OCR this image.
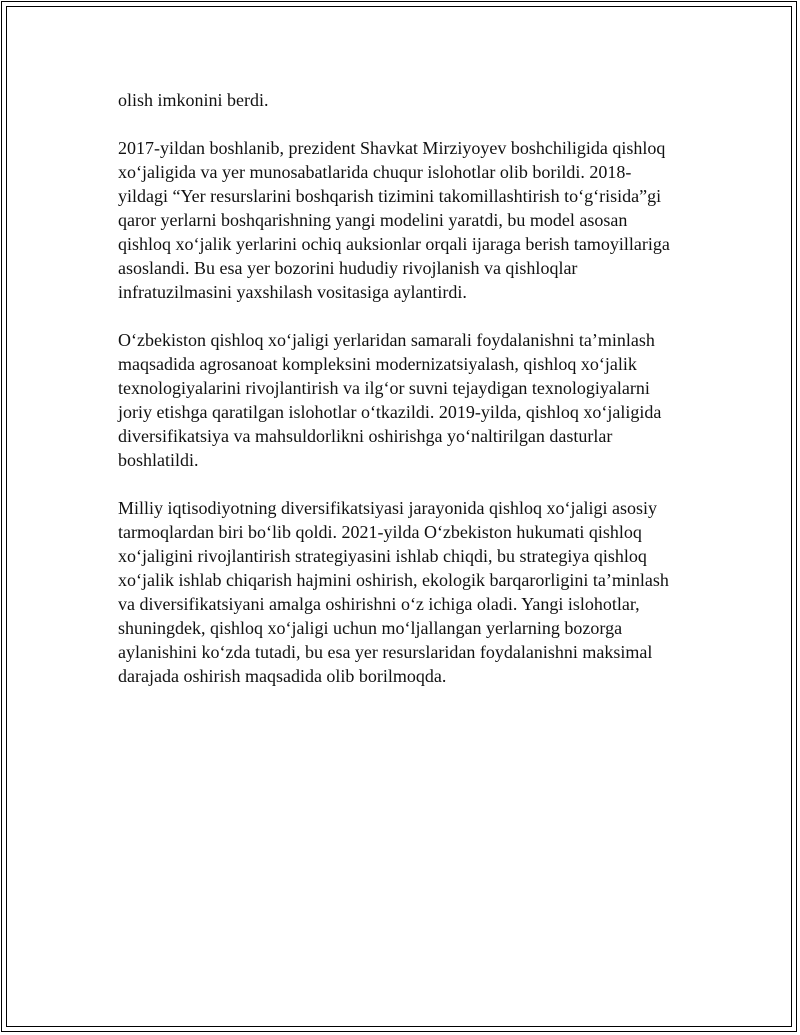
olish imkonini berdi.

2017-yildan boshlanib, prezident Shavkat Mirziyoyev boshchiligida qishloq
xo‘jaligida va yer munosabatlarida chuqur islohotlar olib borildi. 2018-
yildagi “Yer resurslarini boshqarish tizimini takomillashtirish to‘g‘risida”gi
qaror yerlarni boshqarishning yangi modelini yaratdi, bu model asosan
qishloq xo‘jalik yerlarini ochiq auksionlar orqali ijaraga berish tamoyillariga
asoslandi. Bu esa yer bozorini hududiy rivojlanish va qishloqlar
infratuzilmasini yaxshilash vositasiga aylantirdi.

O‘zbekiston qishloq xo‘jaligi yerlaridan samarali foydalanishni ta’minlash
maqsadida agrosanoat kompleksini modernizatsiyalash, qishloq xo‘jalik
texnologiyalarini rivojlantirish va ilg‘or suvni tejaydigan texnologiyalarni
joriy etishga qaratilgan islohotlar o‘tkazildi. 2019-yilda, qishloq xo‘jaligida
diversifikatsiya va mahsuldorlikni oshirishga yo‘naltirilgan dasturlar
boshlatildi.

Milliy iqtisodiyotning diversifikatsiyasi jarayonida qishloq xo‘jaligi asosiy
tarmoqlardan biri bo‘lib qoldi. 2021-yilda O‘zbekiston hukumati qishloq
xo‘jaligini rivojlantirish strategiyasini ishlab chiqdi, bu strategiya qishloq
xo‘jalik ishlab chiqarish hajmini oshirish, ekologik barqarorligini ta’minlash
va diversifikatsiyani amalga oshirishni o‘z ichiga oladi. Yangi islohotlar,
shuningdek, qishloq xo‘jaligi uchun mo‘ljallangan yerlarning bozorga
aylanishini ko‘zda tutadi, bu esa yer resurslaridan foydalanishni maksimal
darajada oshirish maqsadida olib borilmoqda.
